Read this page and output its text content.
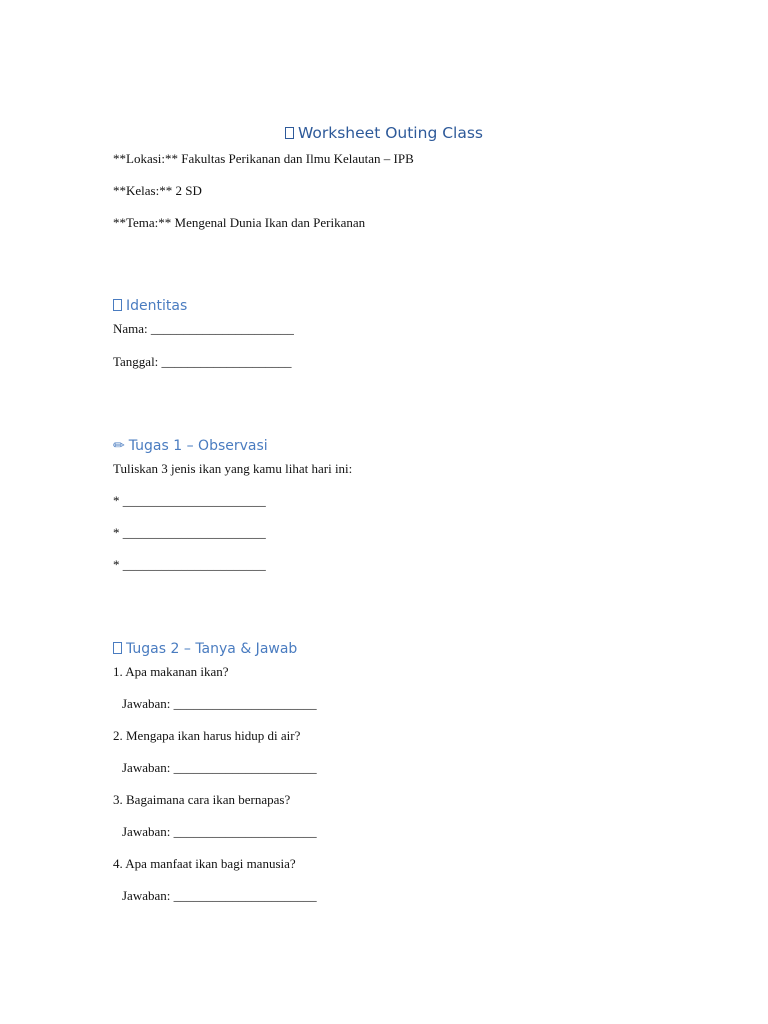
Worksheet Outing Class
**Lokasi:** Fakultas Perikanan dan Ilmu Kelautan – IPB
**Kelas:** 2 SD
**Tema:** Mengenal Dunia Ikan dan Perikanan
Identitas
Nama: ______________________
Tanggal: ____________________
✏ Tugas 1 – Observasi
Tuliskan 3 jenis ikan yang kamu lihat hari ini:
* ______________________
* ______________________
* ______________________
Tugas 2 – Tanya & Jawab
1. Apa makanan ikan?
Jawaban: ______________________
2. Mengapa ikan harus hidup di air?
Jawaban: ______________________
3. Bagaimana cara ikan bernapas?
Jawaban: ______________________
4. Apa manfaat ikan bagi manusia?
Jawaban: ______________________
